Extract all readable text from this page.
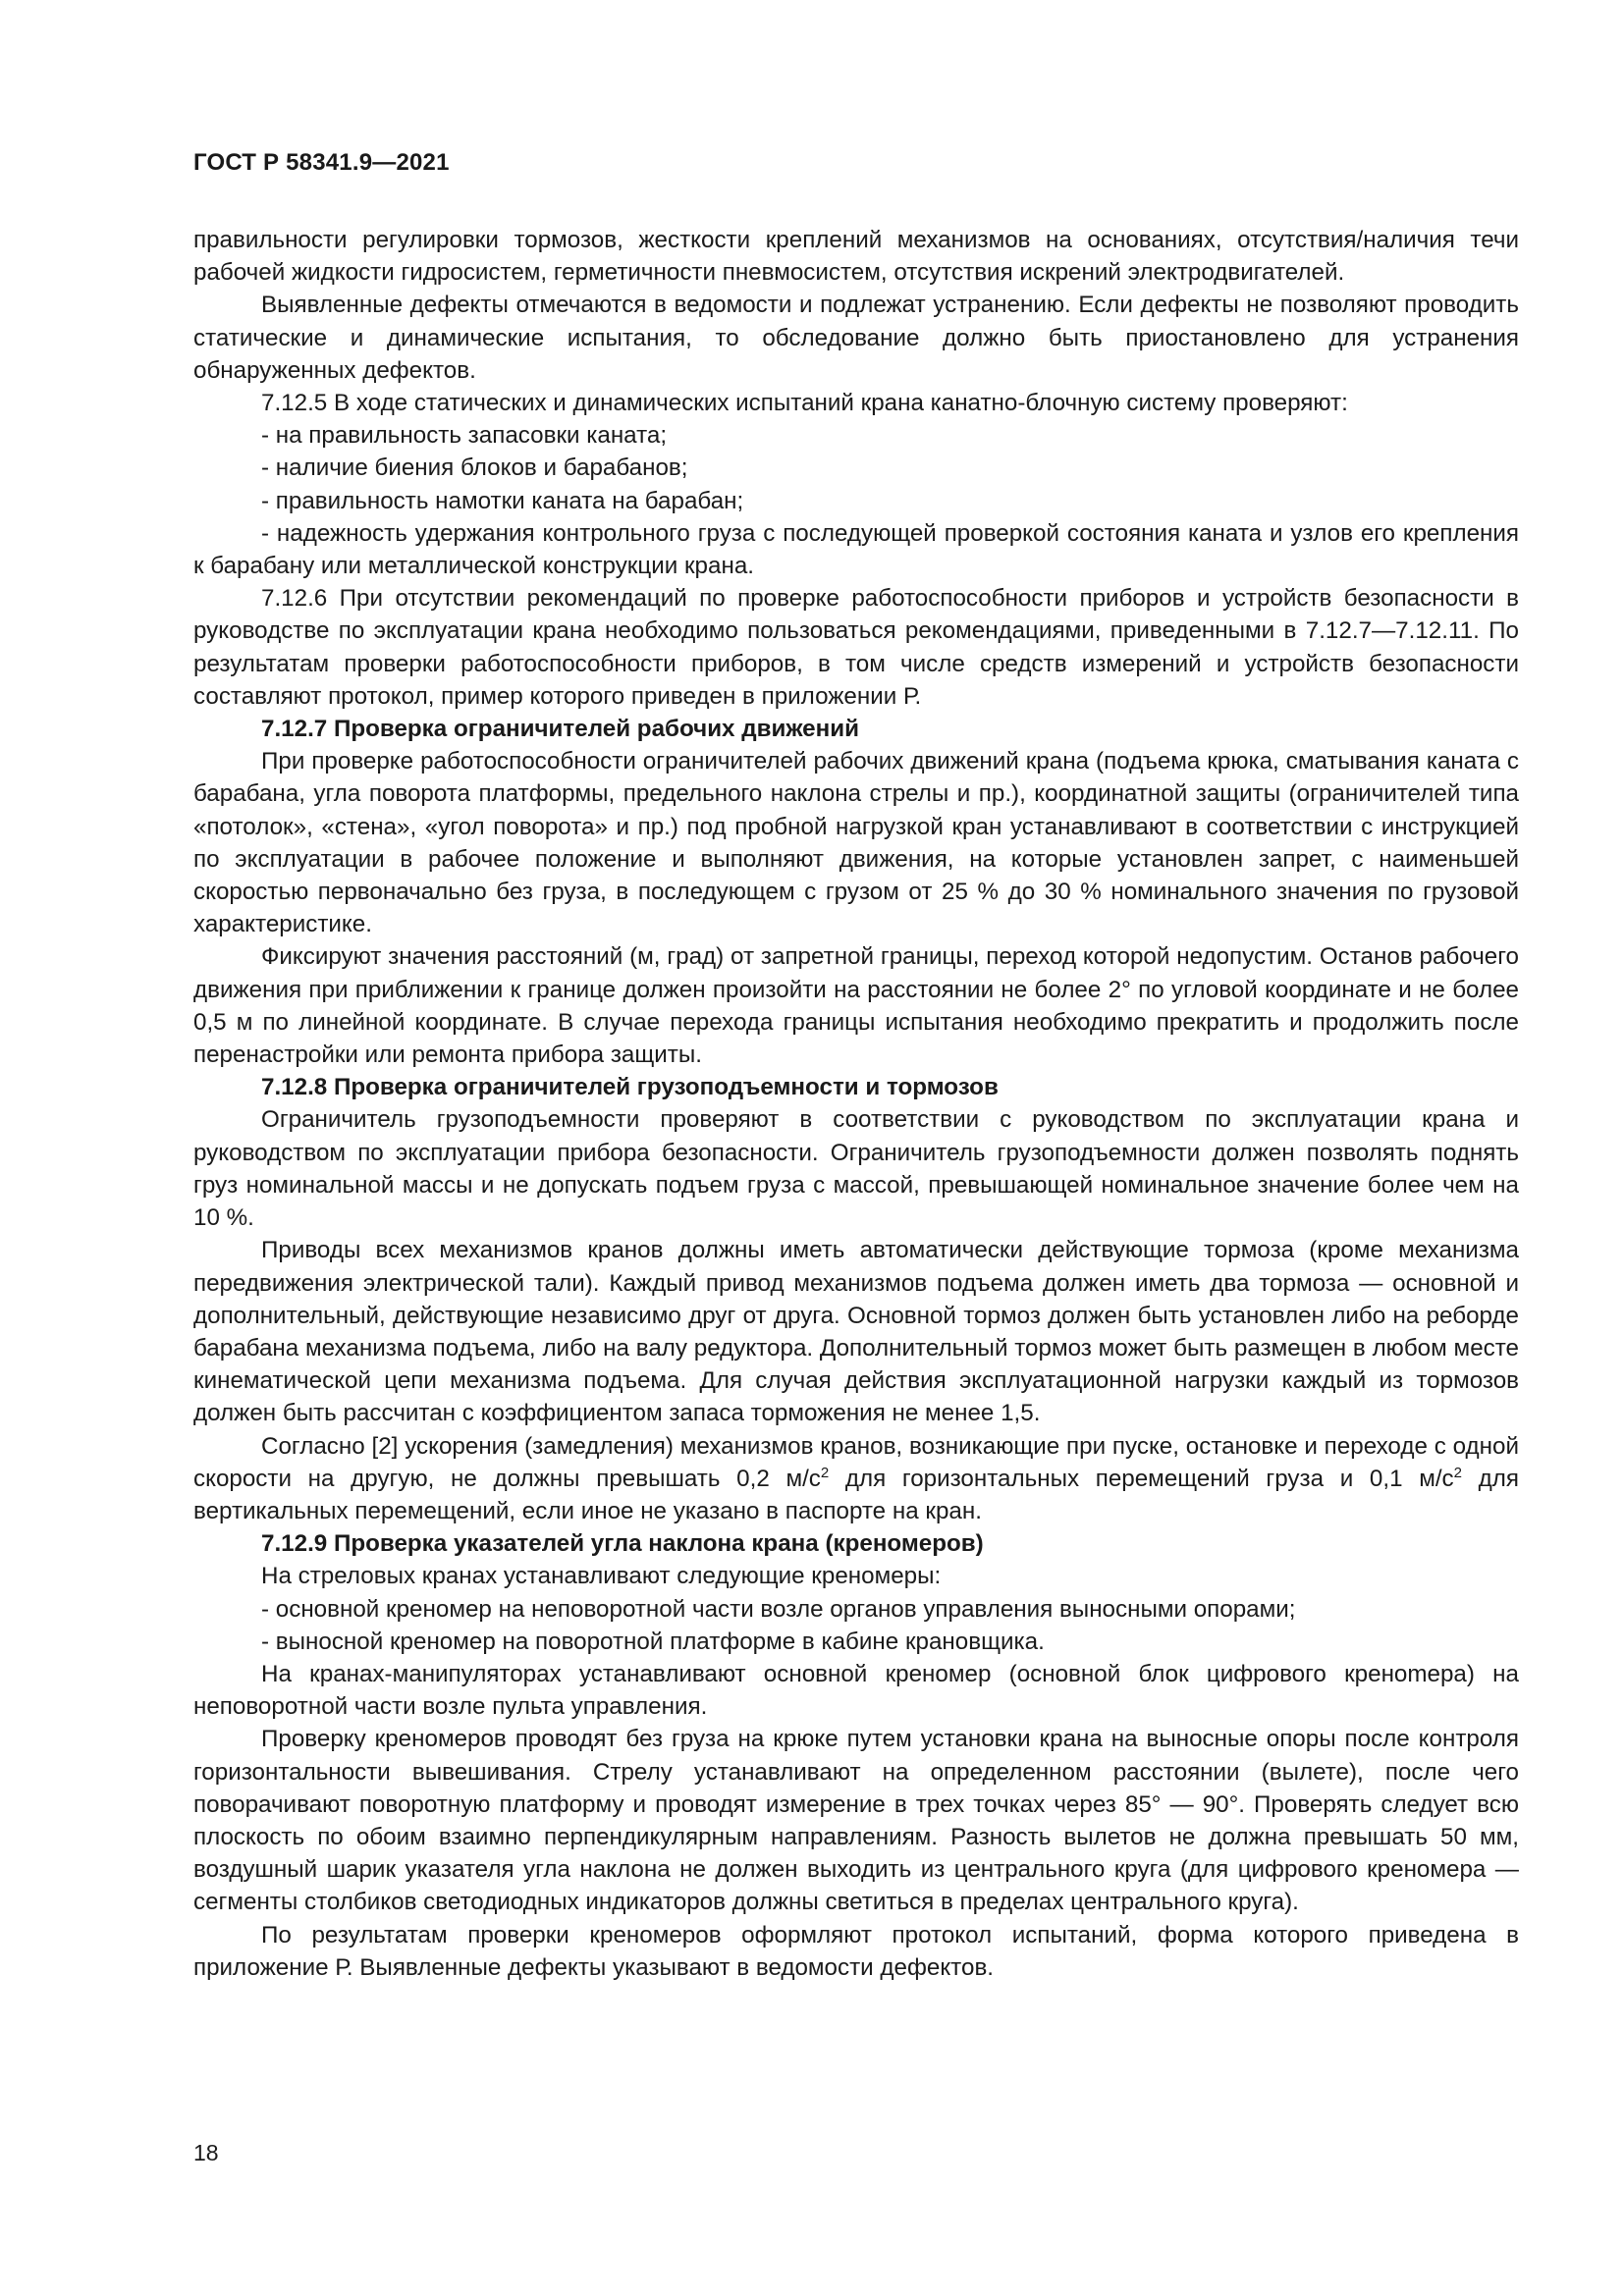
ГОСТ Р 58341.9—2021

правильности регулировки тормозов, жесткости креплений механизмов на основаниях, отсутствия/наличия течи рабочей жидкости гидросистем, герметичности пневмосистем, отсутствия искрений электродвигателей.

Выявленные дефекты отмечаются в ведомости и подлежат устранению. Если дефекты не позволяют проводить статические и динамические испытания, то обследование должно быть приостановлено для устранения обнаруженных дефектов.

7.12.5 В ходе статических и динамических испытаний крана канатно-блочную систему проверяют:

- на правильность запасовки каната;

- наличие биения блоков и барабанов;

- правильность намотки каната на барабан;

- надежность удержания контрольного груза с последующей проверкой состояния каната и узлов его крепления к барабану или металлической конструкции крана.

7.12.6 При отсутствии рекомендаций по проверке работоспособности приборов и устройств безопасности в руководстве по эксплуатации крана необходимо пользоваться рекомендациями, приведенными в 7.12.7—7.12.11. По результатам проверки работоспособности приборов, в том числе средств измерений и устройств безопасности составляют протокол, пример которого приведен в приложении Р.

7.12.7 Проверка ограничителей рабочих движений

При проверке работоспособности ограничителей рабочих движений крана (подъема крюка, сматывания каната с барабана, угла поворота платформы, предельного наклона стрелы и пр.), координатной защиты (ограничителей типа «потолок», «стена», «угол поворота» и пр.) под пробной нагрузкой кран устанавливают в соответствии с инструкцией по эксплуатации в рабочее положение и выполняют движения, на которые установлен запрет, с наименьшей скоростью первоначально без груза, в последующем с грузом от 25 % до 30 % номинального значения по грузовой характеристике.

Фиксируют значения расстояний (м, град) от запретной границы, переход которой недопустим. Останов рабочего движения при приближении к границе должен произойти на расстоянии не более 2° по угловой координате и не более 0,5 м по линейной координате. В случае перехода границы испытания необходимо прекратить и продолжить после перенастройки или ремонта прибора защиты.

7.12.8 Проверка ограничителей грузоподъемности и тормозов

Ограничитель грузоподъемности проверяют в соответствии с руководством по эксплуатации крана и руководством по эксплуатации прибора безопасности. Ограничитель грузоподъемности должен позволять поднять груз номинальной массы и не допускать подъем груза с массой, превышающей номинальное значение более чем на 10 %.

Приводы всех механизмов кранов должны иметь автоматически действующие тормоза (кроме механизма передвижения электрической тали). Каждый привод механизмов подъема должен иметь два тормоза — основной и дополнительный, действующие независимо друг от друга. Основной тормоз должен быть установлен либо на реборде барабана механизма подъема, либо на валу редуктора. Дополнительный тормоз может быть размещен в любом месте кинематической цепи механизма подъема. Для случая действия эксплуатационной нагрузки каждый из тормозов должен быть рассчитан с коэффициентом запаса торможения не менее 1,5.

Согласно [2] ускорения (замедления) механизмов кранов, возникающие при пуске, остановке и переходе с одной скорости на другую, не должны превышать 0,2 $м/с^2$ для горизонтальных перемещений груза и 0,1 $м/с^2$ для вертикальных перемещений, если иное не указано в паспорте на кран.

7.12.9 Проверка указателей угла наклона крана (креномеров)

На стреловых кранах устанавливают следующие креномеры:

- основной креномер на неповоротной части возле органов управления выносными опорами;

- выносной креномер на поворотной платформе в кабине крановщика.

На кранах-манипуляторах устанавливают основной креномер (основной блок цифрового кренomeра) на неповоротной части возле пульта управления.

Проверку креномеров проводят без груза на крюке путем установки крана на выносные опоры после контроля горизонтальности вывешивания. Стрелу устанавливают на определенном расстоянии (вылете), после чего поворачивают поворотную платформу и проводят измерение в трех точках через 85° — 90°. Проверять следует всю плоскость по обоим взаимно перпендикулярным направлениям. Разность вылетов не должна превышать 50 мм, воздушный шарик указателя угла наклона не должен выходить из центрального круга (для цифрового креномера — сегменты столбиков светодиодных индикаторов должны светиться в пределах центрального круга).

По результатам проверки креномеров оформляют протокол испытаний, форма которого приведена в приложение Р. Выявленные дефекты указывают в ведомости дефектов.

18
